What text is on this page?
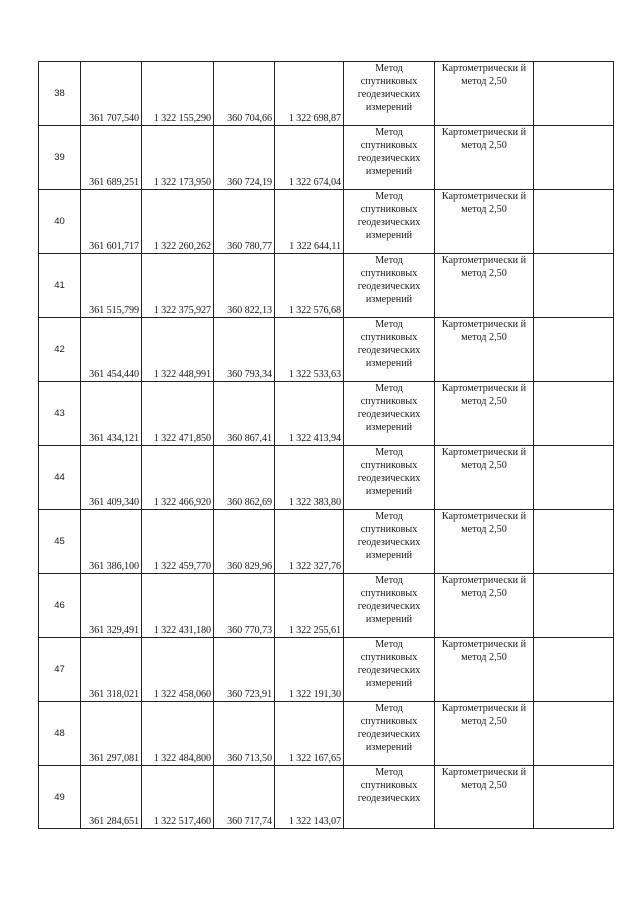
38	361 707,540	1 322 155,290	360 704,66	1 322 698,87	Метод спутниковых геодезических измерений	Картометрически й метод 2,50	
39	361 689,251	1 322 173,950	360 724,19	1 322 674,04	Метод спутниковых геодезических измерений	Картометрически й метод 2,50	
40	361 601,717	1 322 260,262	360 780,77	1 322 644,11	Метод спутниковых геодезических измерений	Картометрически й метод 2,50	
41	361 515,799	1 322 375,927	360 822,13	1 322 576,68	Метод спутниковых геодезических измерений	Картометрически й метод 2,50	
42	361 454,440	1 322 448,991	360 793,34	1 322 533,63	Метод спутниковых геодезических измерений	Картометрически й метод 2,50	
43	361 434,121	1 322 471,850	360 867,41	1 322 413,94	Метод спутниковых геодезических измерений	Картометрически й метод 2,50	
44	361 409,340	1 322 466,920	360 862,69	1 322 383,80	Метод спутниковых геодезических измерений	Картометрически й метод 2,50	
45	361 386,100	1 322 459,770	360 829,96	1 322 327,76	Метод спутниковых геодезических измерений	Картометрически й метод 2,50	
46	361 329,491	1 322 431,180	360 770,73	1 322 255,61	Метод спутниковых геодезических измерений	Картометрически й метод 2,50	
47	361 318,021	1 322 458,060	360 723,91	1 322 191,30	Метод спутниковых геодезических измерений	Картометрически й метод 2,50	
48	361 297,081	1 322 484,800	360 713,50	1 322 167,65	Метод спутниковых геодезических измерений	Картометрически й метод 2,50	
49	361 284,651	1 322 517,460	360 717,74	1 322 143,07	Метод спутниковых геодезических	Картометрически й метод 2,50	
